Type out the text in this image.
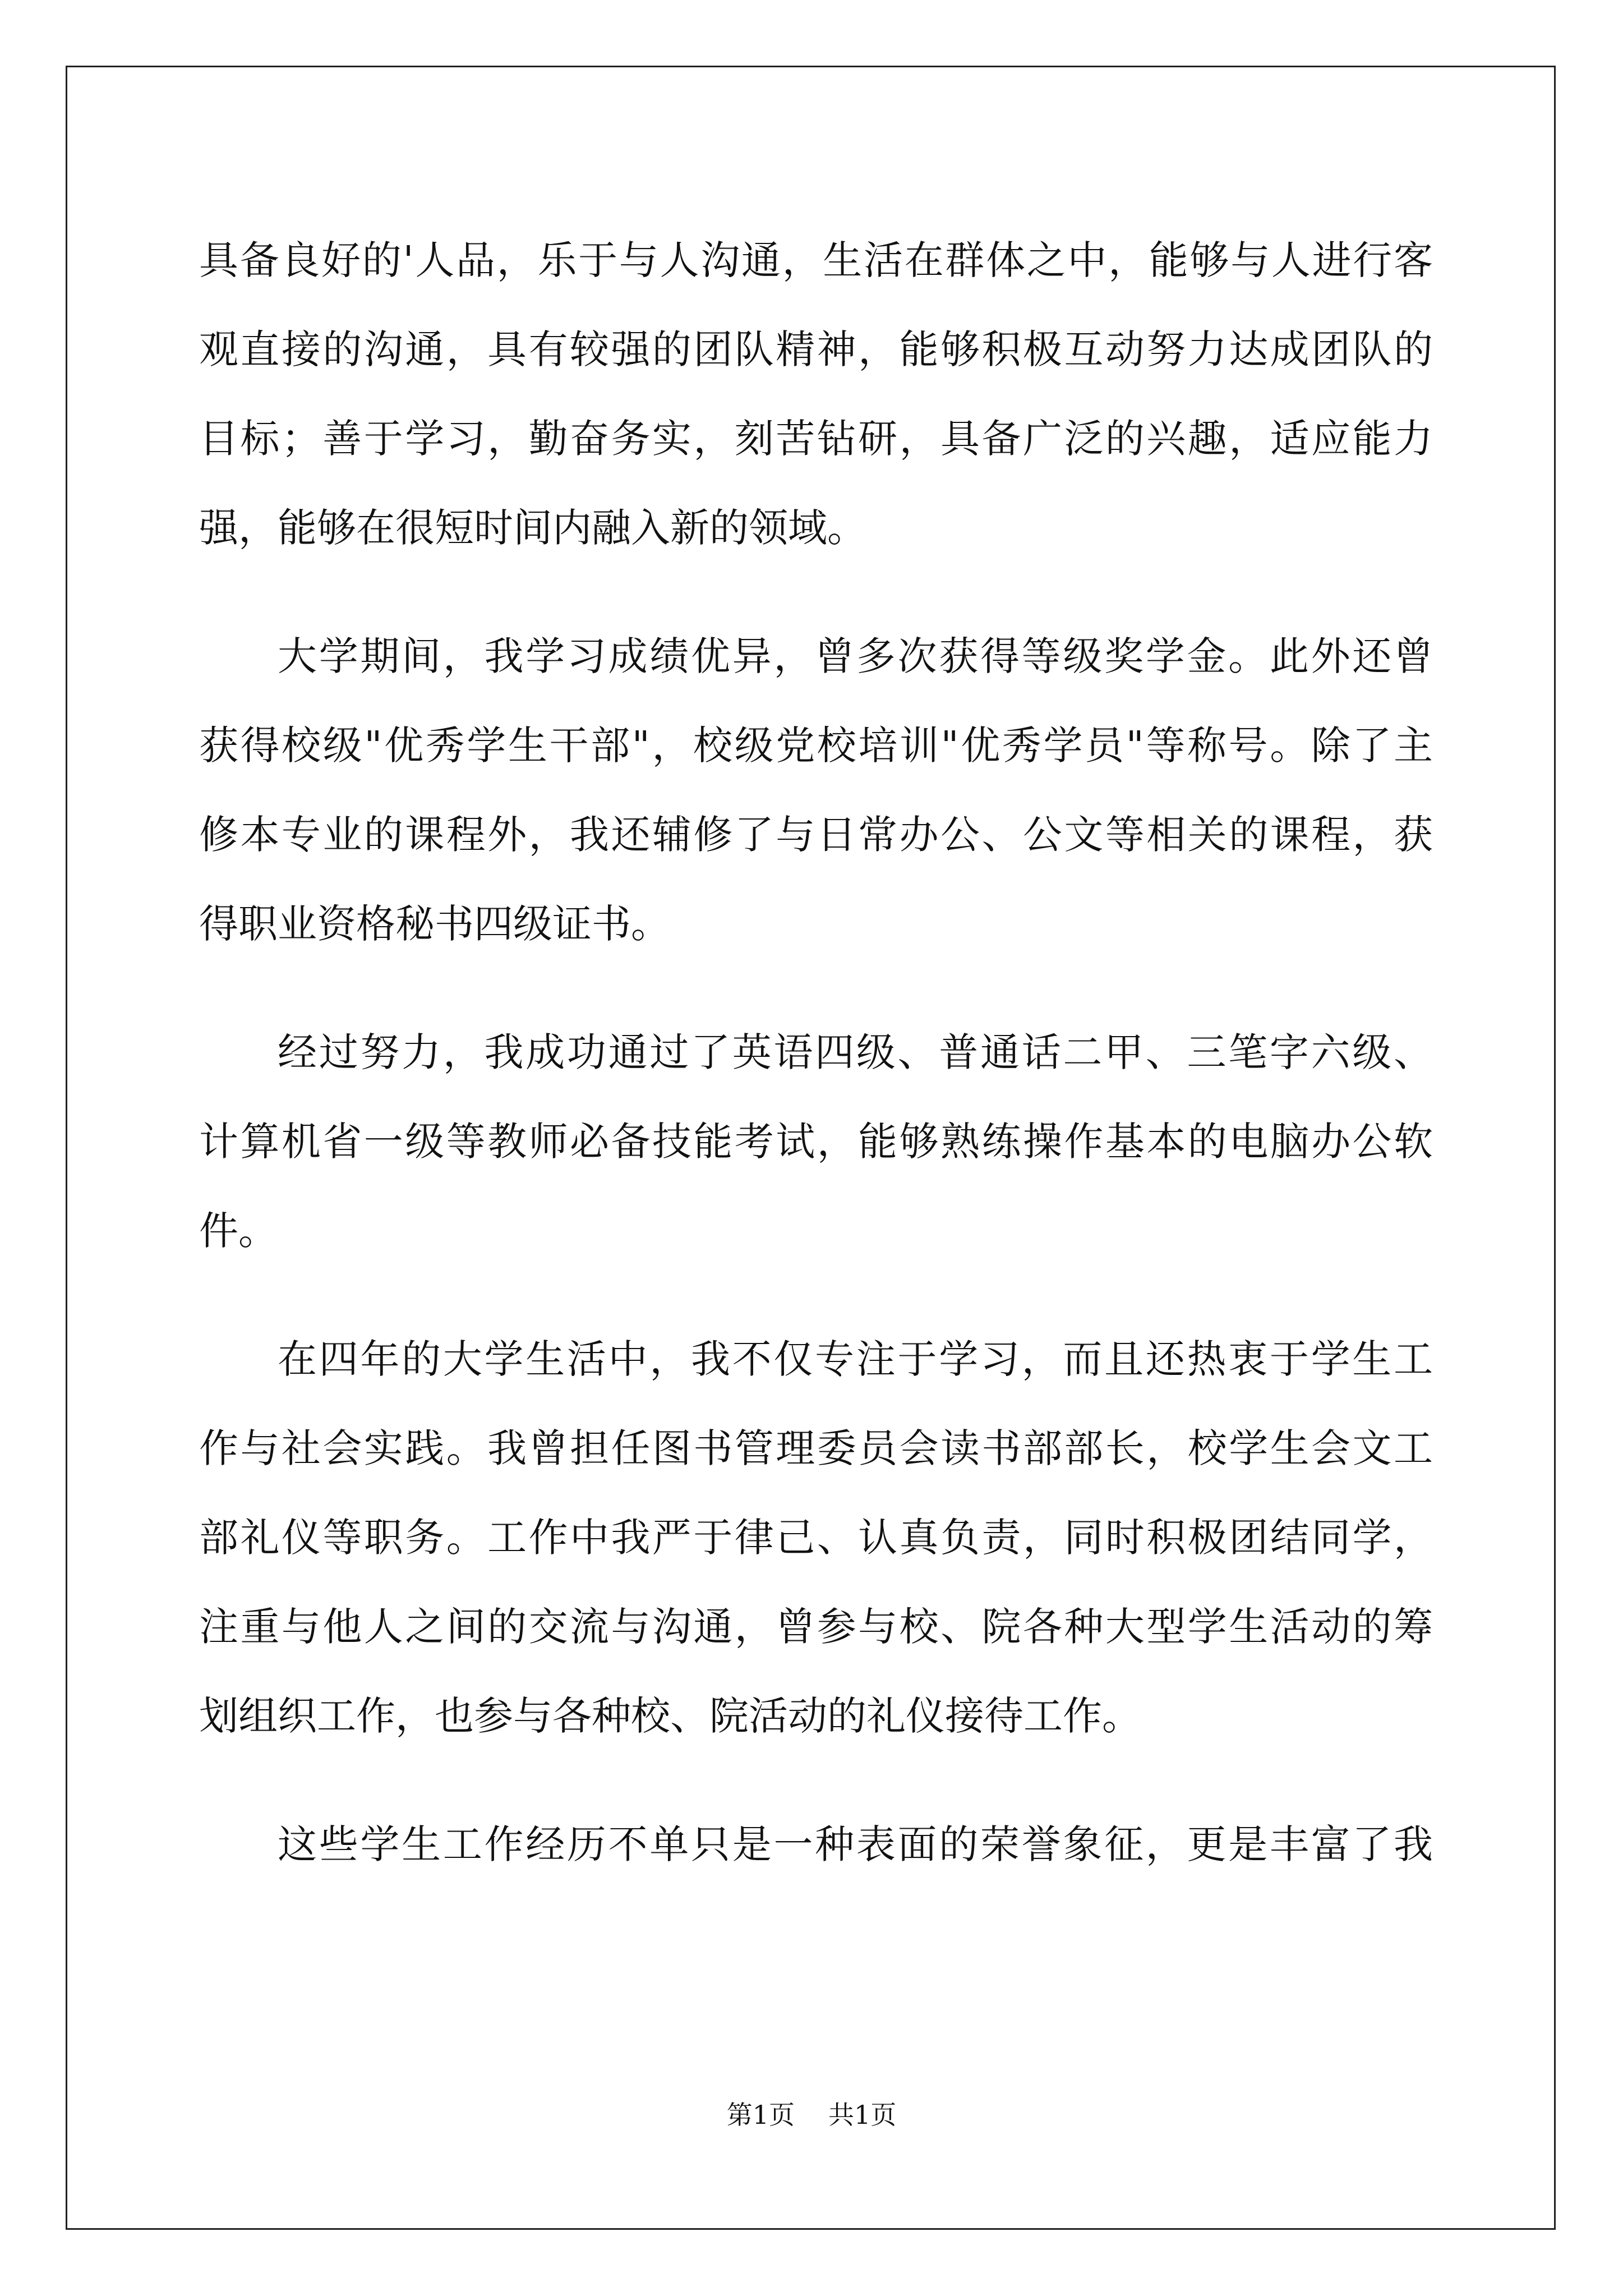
具备良好的'人品，乐于与人沟通，生活在群体之中，能够与人进行客
观直接的沟通，具有较强的团队精神，能够积极互动努力达成团队的
目标；善于学习，勤奋务实，刻苦钻研，具备广泛的兴趣，适应能力
强，能够在很短时间内融入新的领域。
大学期间，我学习成绩优异，曾多次获得等级奖学金。此外还曾
获得校级"优秀学生干部"，校级党校培训"优秀学员"等称号。除了主
修本专业的课程外，我还辅修了与日常办公、公文等相关的课程，获
得职业资格秘书四级证书。
经过努力，我成功通过了英语四级、普通话二甲、三笔字六级、
计算机省一级等教师必备技能考试，能够熟练操作基本的电脑办公软
件。
在四年的大学生活中，我不仅专注于学习，而且还热衷于学生工
作与社会实践。我曾担任图书管理委员会读书部部长，校学生会文工
部礼仪等职务。工作中我严于律己、认真负责，同时积极团结同学，
注重与他人之间的交流与沟通，曾参与校、院各种大型学生活动的筹
划组织工作，也参与各种校、院活动的礼仪接待工作。
这些学生工作经历不单只是一种表面的荣誉象征，更是丰富了我
第1页 共1页
